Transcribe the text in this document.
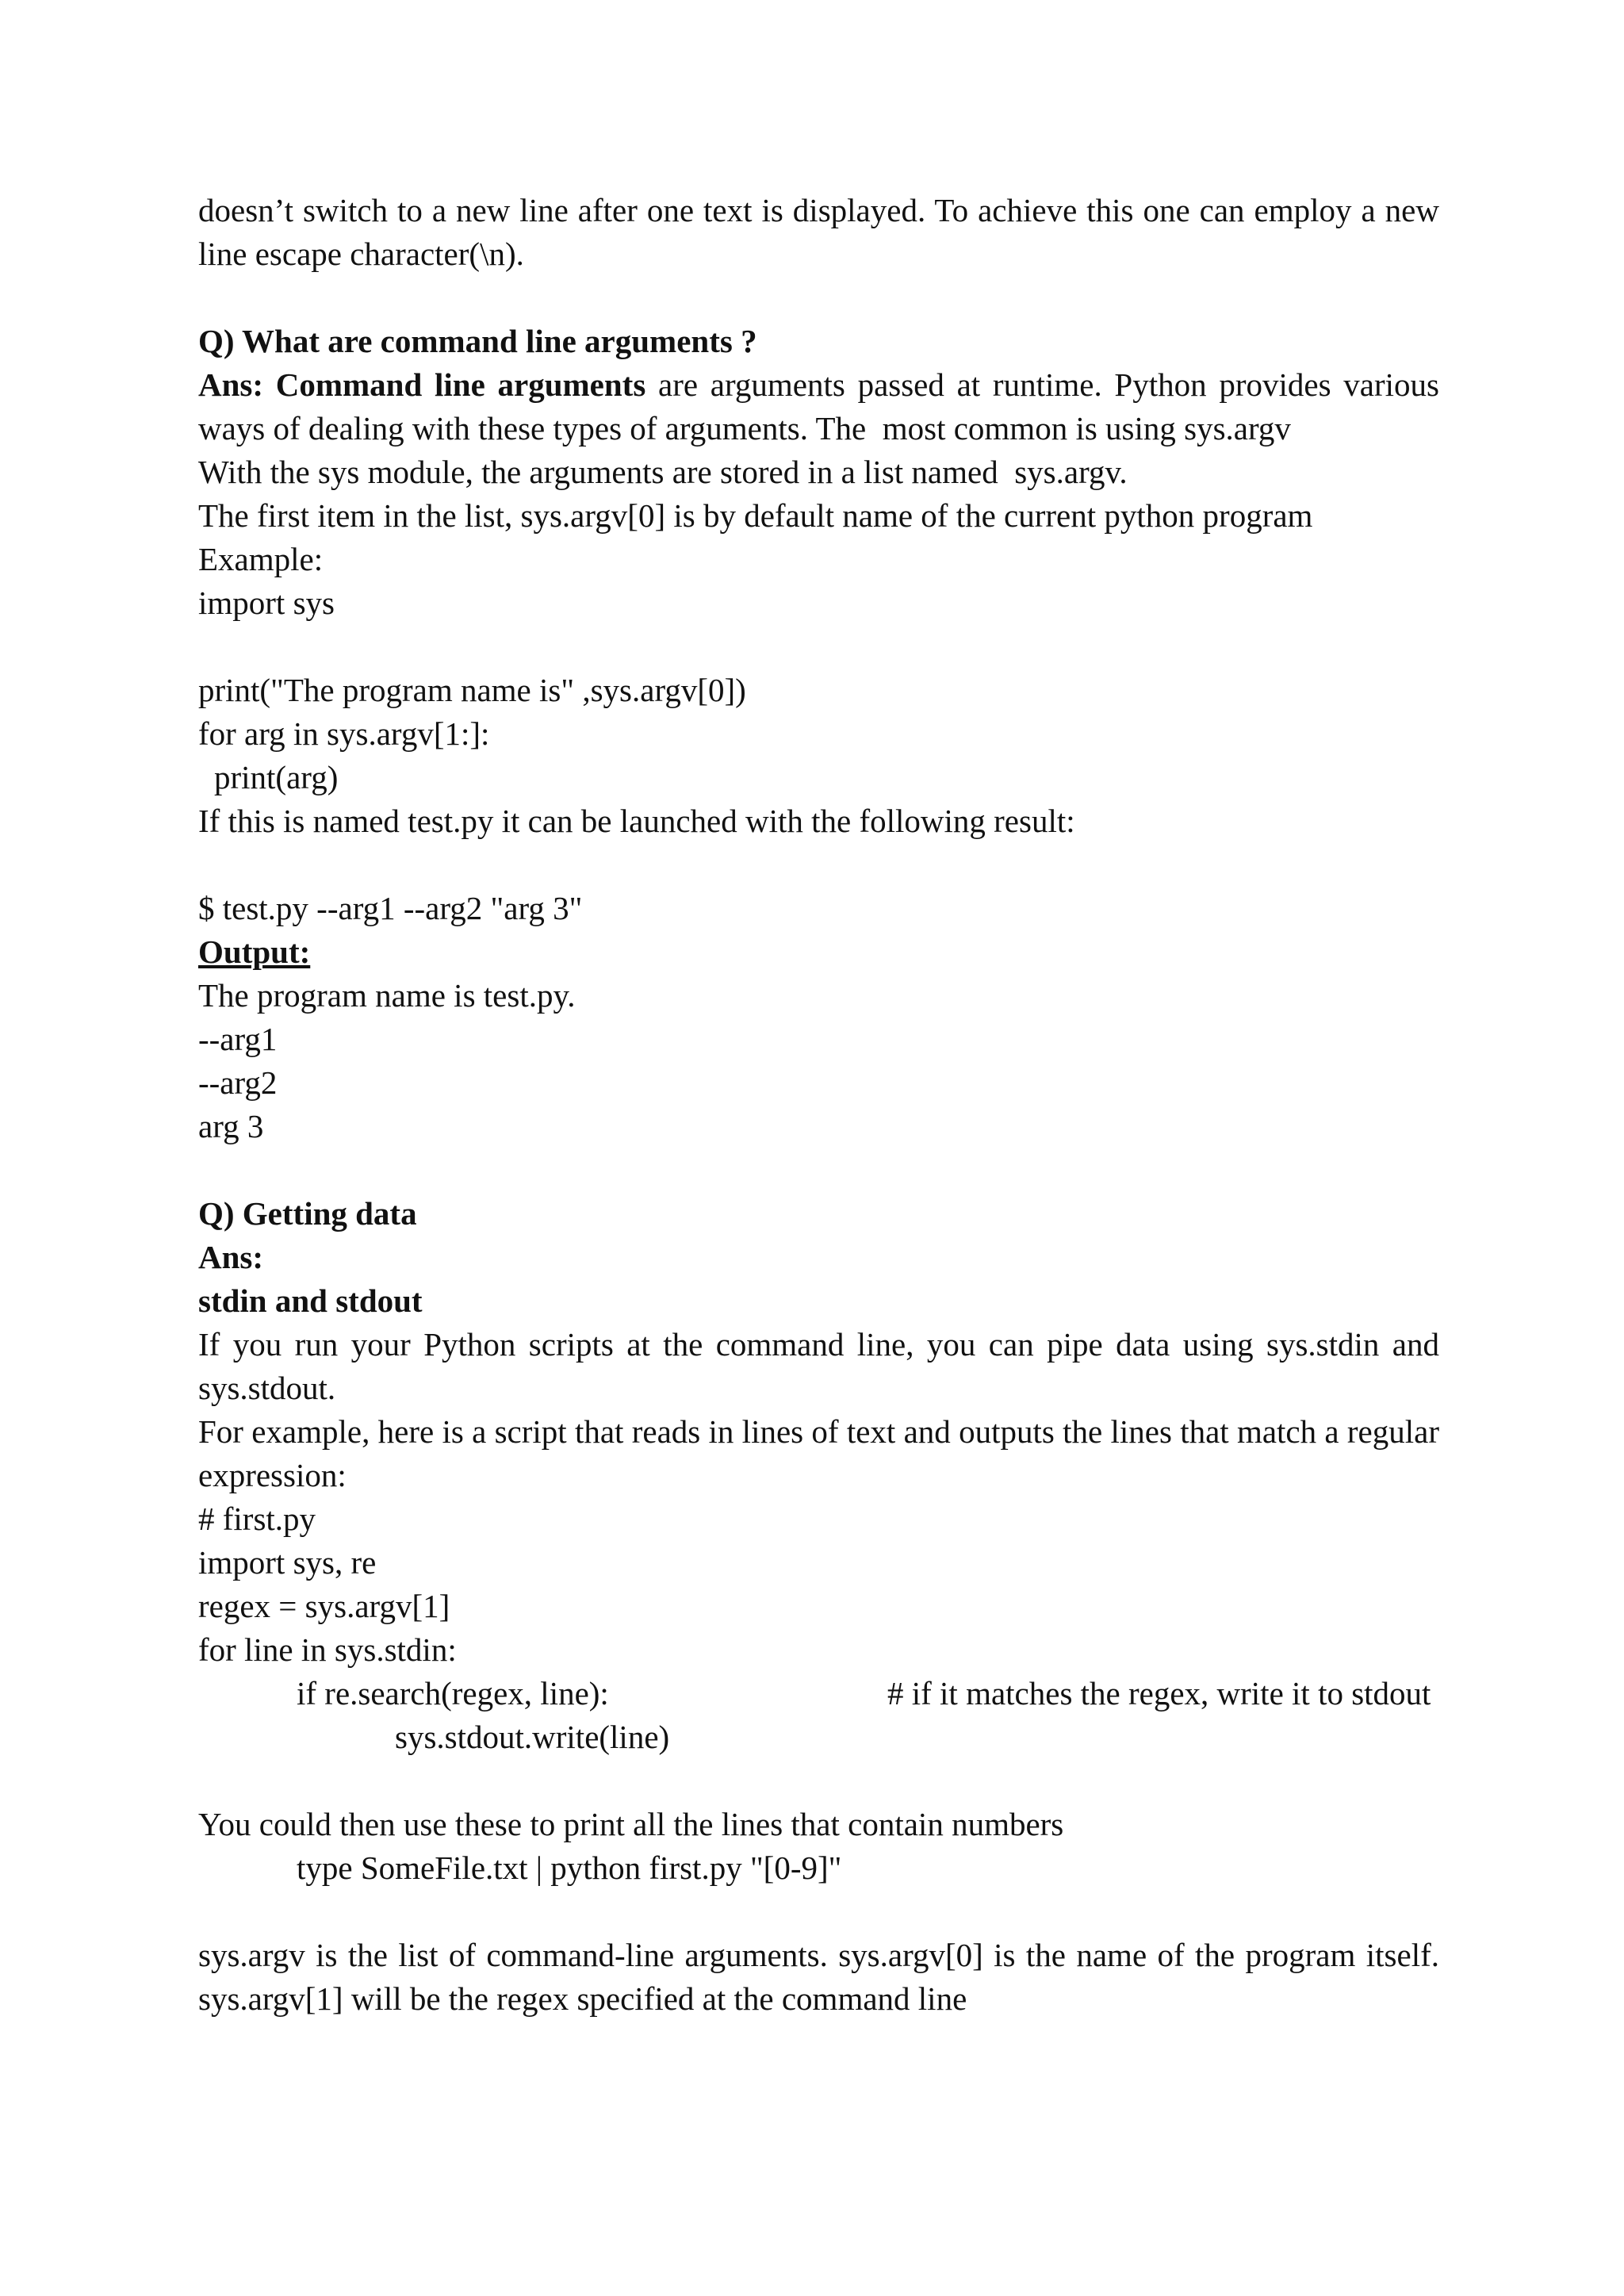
doesn’t switch to a new line after one text is displayed. To achieve this one can employ a new
line escape character(\n).
Q) What are command line arguments ?
Ans: Command line arguments are arguments passed at runtime. Python provides various
ways of dealing with these types of arguments. The  most common is using sys.argv
With the sys module, the arguments are stored in a list named  sys.argv.
The first item in the list, sys.argv[0] is by default name of the current python program
Example:
import sys
print("The program name is" ,sys.argv[0])
for arg in sys.argv[1:]:
print(arg)
If this is named test.py it can be launched with the following result:
$ test.py --arg1 --arg2 "arg 3"
Output:
The program name is test.py.
--arg1
--arg2
arg 3
Q) Getting data
Ans:
stdin and stdout
If you run your Python scripts at the command line, you can pipe data using sys.stdin and
sys.stdout.
For example, here is a script that reads in lines of text and outputs the lines that match a regular
expression:
# first.py
import sys, re
regex = sys.argv[1]
for line in sys.stdin:
if re.search(regex, line):	# if it matches the regex, write it to stdout
sys.stdout.write(line)
You could then use these to print all the lines that contain numbers
type SomeFile.txt | python first.py "[0-9]"
sys.argv is the list of command-line arguments. sys.argv[0] is the name of the program itself.
sys.argv[1] will be the regex specified at the command line
